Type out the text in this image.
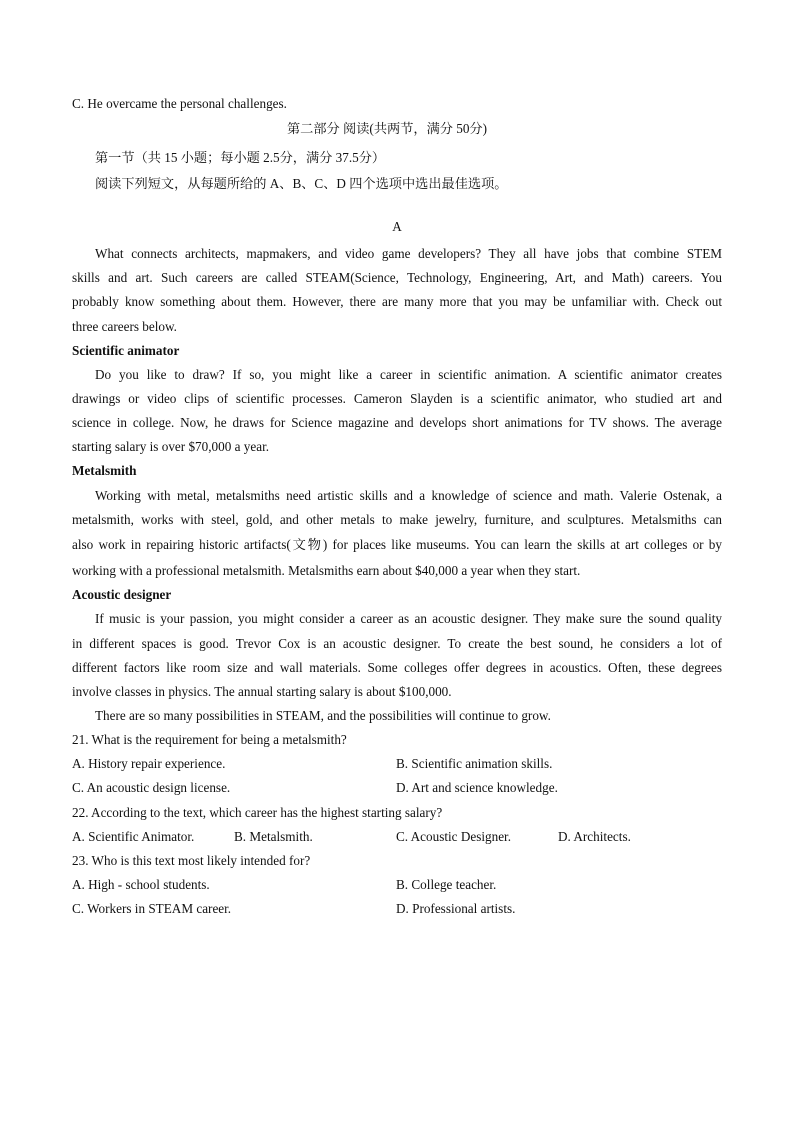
C. He overcame the personal challenges.
第二部分 阅读(共两节，满分 50分)
第一节（共 15 小题；每小题 2.5分，满分 37.5分）
阅读下列短文，从每题所给的 A、B、C、D 四个选项中选出最佳选项。
A
What connects architects, mapmakers, and video game developers? They all have jobs that combine STEM
skills and art. Such careers are called STEAM(Science, Technology, Engineering, Art, and Math) careers. You
probably know something about them. However, there are many more that you may be unfamiliar with. Check out
three careers below.
Scientific animator
Do you like to draw? If so, you might like a career in scientific animation. A scientific animator creates
drawings or video clips of scientific processes. Cameron Slayden is a scientific animator, who studied art and
science in college. Now, he draws for Science magazine and develops short animations for TV shows. The average
starting salary is over $70,000 a year.
Metalsmith
Working with metal, metalsmiths need artistic skills and a knowledge of science and math. Valerie Ostenak, a
metalsmith, works with steel, gold, and other metals to make jewelry, furniture, and sculptures. Metalsmiths can
also work in repairing historic artifacts(文物) for places like museums. You can learn the skills at art colleges or by
working with a professional metalsmith. Metalsmiths earn about $40,000 a year when they start.
Acoustic designer
If music is your passion, you might consider a career as an acoustic designer. They make sure the sound quality
in different spaces is good. Trevor Cox is an acoustic designer. To create the best sound, he considers a lot of
different factors like room size and wall materials. Some colleges offer degrees in acoustics. Often, these degrees
involve classes in physics. The annual starting salary is about $100,000.
There are so many possibilities in STEAM, and the possibilities will continue to grow.
21. What is the requirement for being a metalsmith?
A. History repair experience.	B. Scientific animation skills.
C. An acoustic design license.	D. Art and science knowledge.
22. According to the text, which career has the highest starting salary?
A. Scientific Animator.	B. Metalsmith.	C. Acoustic Designer.	D. Architects.
23. Who is this text most likely intended for?
A. High - school students.	B. College teacher.
C. Workers in STEAM career.	D. Professional artists.
